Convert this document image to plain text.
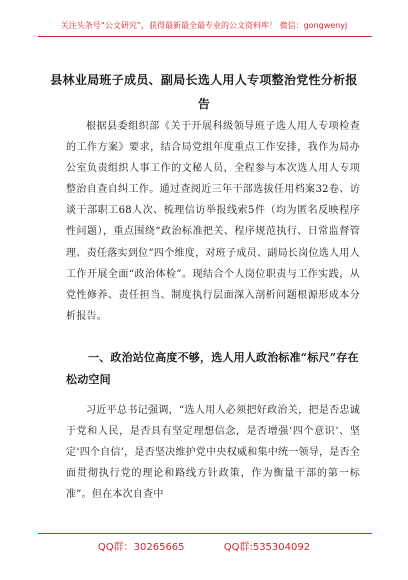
关注头条号“公文研究”，获得最新最全最专业的公文资料库！ 微信：gongwenyj
县林业局班子成员、副局长选人用人专项整治党性分析报告

根据县委组织部《关于开展科级领导班子选人用人专项检查的工作方案》要求，结合局党组年度重点工作安排，我作为局办公室负责组织人事工作的文秘人员，全程参与本次选人用人专项整治自查自纠工作。通过查阅近三年干部选拔任用档案32卷、访谈干部职工68人次、梳理信访举报线索5件（均为匿名反映程序性问题），重点围绕“政治标准把关、程序规范执行、日常监督管理、责任落实到位”四个维度，对班子成员、副局长岗位选人用人工作开展全面“政治体检”。现结合个人岗位职责与工作实践，从党性修养、责任担当、制度执行层面深入剖析问题根源形成本分析报告。

一、政治站位高度不够，选人用人政治标准“标尺”存在松动空间

习近平总书记强调，“选人用人必须把好政治关，把是否忠诚于党和人民，是否具有坚定理想信念，是否增强‘四个意识’、坚定‘四个自信’，是否坚决维护党中央权威和集中统一领导，是否全面贯彻执行党的理论和路线方针政策，作为衡量干部的第一标准”。但在本次自查中

QQ群：30265665	QQ群:535304092
